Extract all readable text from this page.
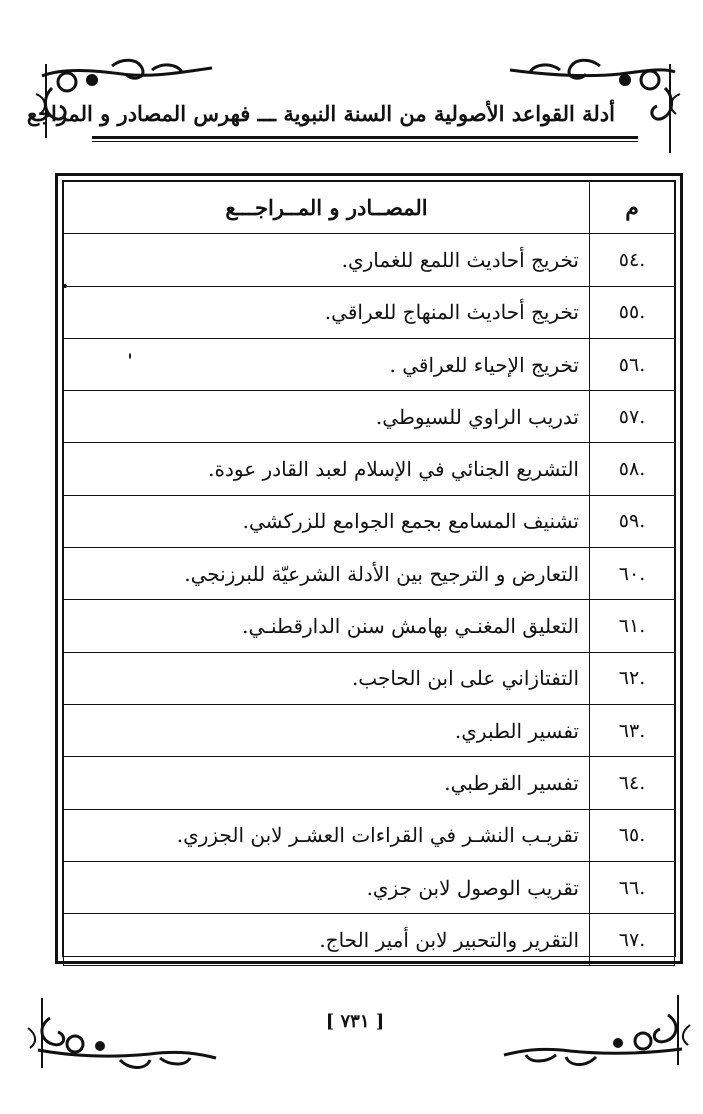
أدلة القواعد الأصولية من السنة النبوية ـــ فهرس المصادر و المراجع
م	المصــادر و المــراجـــع
.٥٤	تخريج أحاديث اللمع للغماري.
.٥٥	تخريج أحاديث المنهاج للعراقي.
.٥٦	تخريج الإحياء للعراقي .
.٥٧	تدريب الراوي للسيوطي.
.٥٨	التشريع الجنائي في الإسلام لعبد القادر عودة.
.٥٩	تشنيف المسامع بجمع الجوامع للزركشي.
.٦٠	التعارض و الترجيح بين الأدلة الشرعيّة للبرزنجي.
.٦١	التعليق المغنـي بهامش سنن الدارقطنـي.
.٦٢	التفتازاني على ابن الحاجب.
.٦٣	تفسير الطبري.
.٦٤	تفسير القرطبي.
.٦٥	تقريـب النشـر في القراءات العشـر لابن الجزري.
.٦٦	تقريب الوصول لابن جزي.
.٦٧	التقرير والتحبير لابن أمير الحاج.
[ ٧٣١ ]
